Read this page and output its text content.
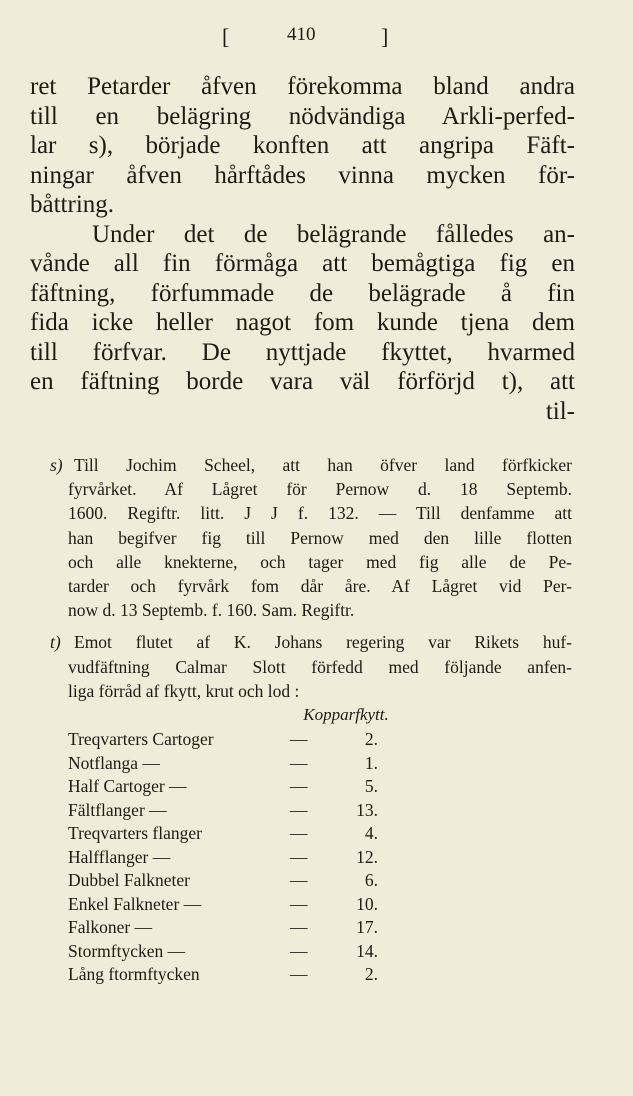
[	410	]
ret Petarder åfven förekomma bland andra
till en belägring nödvändiga Arkli-perfed-
lar s), började konften att angripa Fäft-
ningar åfven hårftådes vinna mycken för-
båttring.
Under det de belägrande fålledes an-
vånde all fin förmåga att bemågtiga fig en
fäftning, förfummade de belägrade å fin
fida icke heller nagot fom kunde tjena dem
till förfvar. De nyttjade fkyttet, hvarmed
en fäftning borde vara väl förförjd t), att
til-
s) Till Jochim Scheel, att han öfver land förfkicker
fyrvårket. Af Lågret för Pernow d. 18 Septemb.
1600. Regiftr. litt. J J f. 132. — Till denfamme att
han begifver fig till Pernow med den lille flotten
och alle knekterne, och tager med fig alle de Pe-
tarder och fyrvårk fom dår åre. Af Lågret vid Per-
now d. 13 Septemb. f. 160. Sam. Regiftr.
t) Emot flutet af K. Johans regering var Rikets huf-
vudfäftning Calmar Slott förfedd med följande anfen-
liga förråd af fkytt, krut och lod :
Kopparfkytt.
Treqvarters Cartoger	—	2.
Notflanga —	—	1.
Half Cartoger —	—	5.
Fältflanger —	—	13.
Treqvarters flanger	—	4.
Halfflanger —	—	12.
Dubbel Falkneter	—	6.
Enkel Falkneter —	—	10.
Falkoner —	—	17.
Stormftycken —	—	14.
Lång ftormftycken	—	2.
